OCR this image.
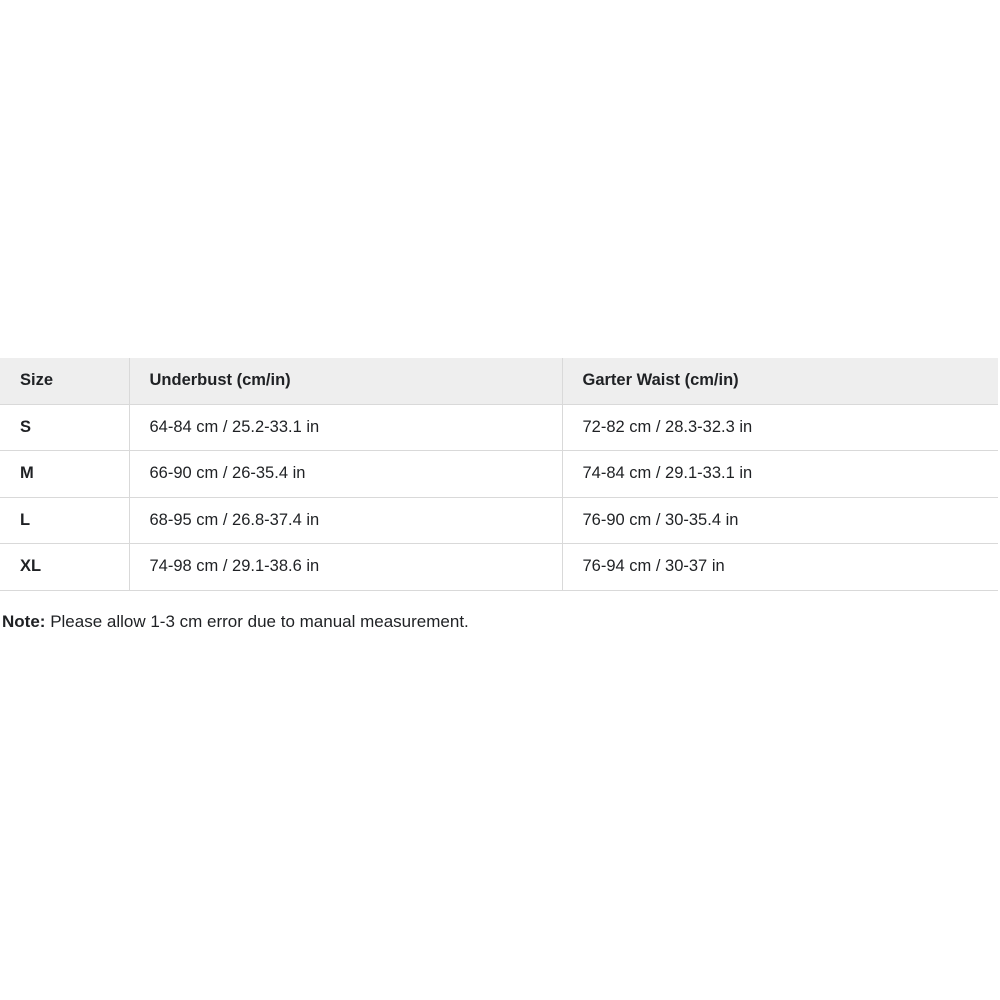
Size	Underbust (cm/in)	Garter Waist (cm/in)
S	64-84 cm / 25.2-33.1 in	72-82 cm / 28.3-32.3 in
M	66-90 cm / 26-35.4 in	74-84 cm / 29.1-33.1 in
L	68-95 cm / 26.8-37.4 in	76-90 cm / 30-35.4 in
XL	74-98 cm / 29.1-38.6 in	76-94 cm / 30-37 in
Note: Please allow 1-3 cm error due to manual measurement.
